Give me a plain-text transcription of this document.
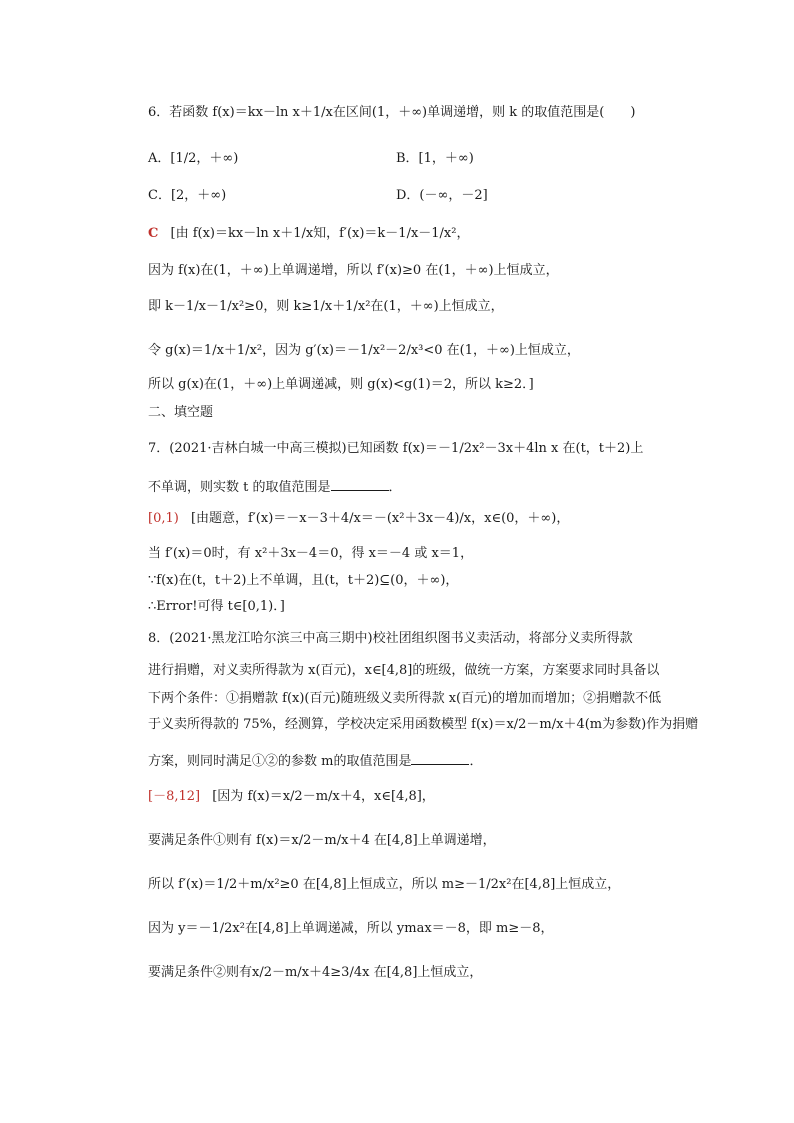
6．若函数 f(x)＝kx－ln x＋1/x在区间(1，＋∞)单调递增，则 k 的取值范围是(　　)
A．[1/2，＋∞)	B．[1，＋∞)
C．[2，＋∞)	D．(－∞，－2]
C [由 f(x)＝kx－ln x＋1/x知，f′(x)＝k－1/x－1/x²，
因为 f(x)在(1，＋∞)上单调递增，所以 f′(x)≥0 在(1，＋∞)上恒成立，
即 k－1/x－1/x²≥0，则 k≥1/x＋1/x²在(1，＋∞)上恒成立，
令 g(x)＝1/x＋1/x²，因为 g′(x)＝－1/x²－2/x³<0 在(1，＋∞)上恒成立，
所以 g(x)在(1，＋∞)上单调递减，则 g(x)<g(1)＝2，所以 k≥2．]
二、填空题
7．(2021·吉林白城一中高三模拟)已知函数 f(x)＝－1/2x²－3x＋4ln x 在(t，t＋2)上
不单调，则实数 t 的取值范围是	．
[0,1) [由题意，f′(x)＝－x－3＋4/x＝－(x²＋3x－4)/x，x∈(0，＋∞)，
当 f′(x)＝0时，有 x²＋3x－4＝0，得 x＝－4 或 x＝1，
∵f(x)在(t，t＋2)上不单调，且(t，t＋2)⊆(0，＋∞)，
∴Error!可得 t∈[0,1)．]
8．(2021·黑龙江哈尔滨三中高三期中)校社团组织图书义卖活动，将部分义卖所得款
进行捐赠，对义卖所得款为 x(百元)，x∈[4,8]的班级，做统一方案，方案要求同时具备以
下两个条件：①捐赠款 f(x)(百元)随班级义卖所得款 x(百元)的增加而增加；②捐赠款不低
于义卖所得款的 75%，经测算，学校决定采用函数模型 f(x)＝x/2－m/x＋4(m为参数)作为捐赠
方案，则同时满足①②的参数 m的取值范围是	．
[－8,12] [因为 f(x)＝x/2－m/x＋4，x∈[4,8]，
要满足条件①则有 f(x)＝x/2－m/x＋4 在[4,8]上单调递增，
所以 f′(x)＝1/2＋m/x²≥0 在[4,8]上恒成立，所以 m≥－1/2x²在[4,8]上恒成立，
因为 y＝－1/2x²在[4,8]上单调递减，所以 ymax＝－8，即 m≥－8，
要满足条件②则有x/2－m/x＋4≥3/4x 在[4,8]上恒成立，
